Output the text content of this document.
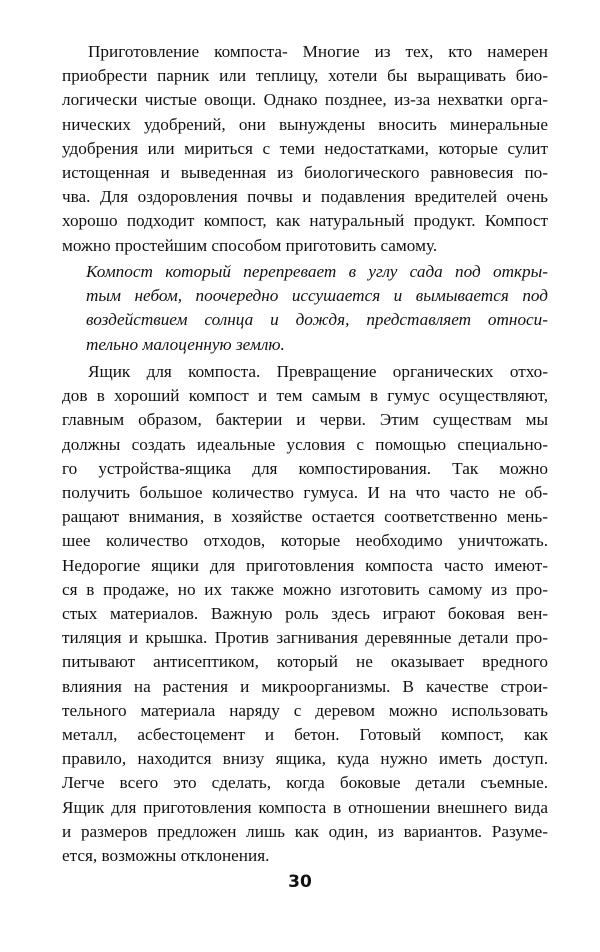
Приготовление компоста- Многие из тех, кто намерен
приобрести парник или теплицу, хотели бы выращивать био-
логически чистые овощи. Однако позднее, из-за нехватки орга-
нических удобрений, они вынуждены вносить минеральные
удобрения или мириться с теми недостатками, которые сулит
истощенная и выведенная из биологического равновесия по-
чва. Для оздоровления почвы и подавления вредителей очень
хорошо подходит компост, как натуральный продукт. Компост
можно простейшим способом приготовить самому.
Компост который перепревает в углу сада под откры-
тым небом, поочередно иссушается и вымывается под
воздействием солнца и дождя, представляет относи-
тельно малоценную землю.
Ящик для компоста. Превращение органических отхо-
дов в хороший компост и тем самым в гумус осуществляют,
главным образом, бактерии и черви. Этим существам мы
должны создать идеальные условия с помощью специально-
го устройства-ящика для компостирования. Так можно
получить большое количество гумуса. И на что часто не об-
ращают внимания, в хозяйстве остается соответственно мень-
шее количество отходов, которые необходимо уничтожать.
Недорогие ящики для приготовления компоста часто имеют-
ся в продаже, но их также можно изготовить самому из про-
стых материалов. Важную роль здесь играют боковая вен-
тиляция и крышка. Против загнивания деревянные детали про-
питывают антисептиком, который не оказывает вредного
влияния на растения и микроорганизмы. В качестве строи-
тельного материала наряду с деревом можно использовать
металл, асбестоцемент и бетон. Готовый компост, как
правило, находится внизу ящика, куда нужно иметь доступ.
Легче всего это сделать, когда боковые детали съемные.
Ящик для приготовления компоста в отношении внешнего вида
и размеров предложен лишь как один, из вариантов. Разуме-
ется, возможны отклонения.
30
